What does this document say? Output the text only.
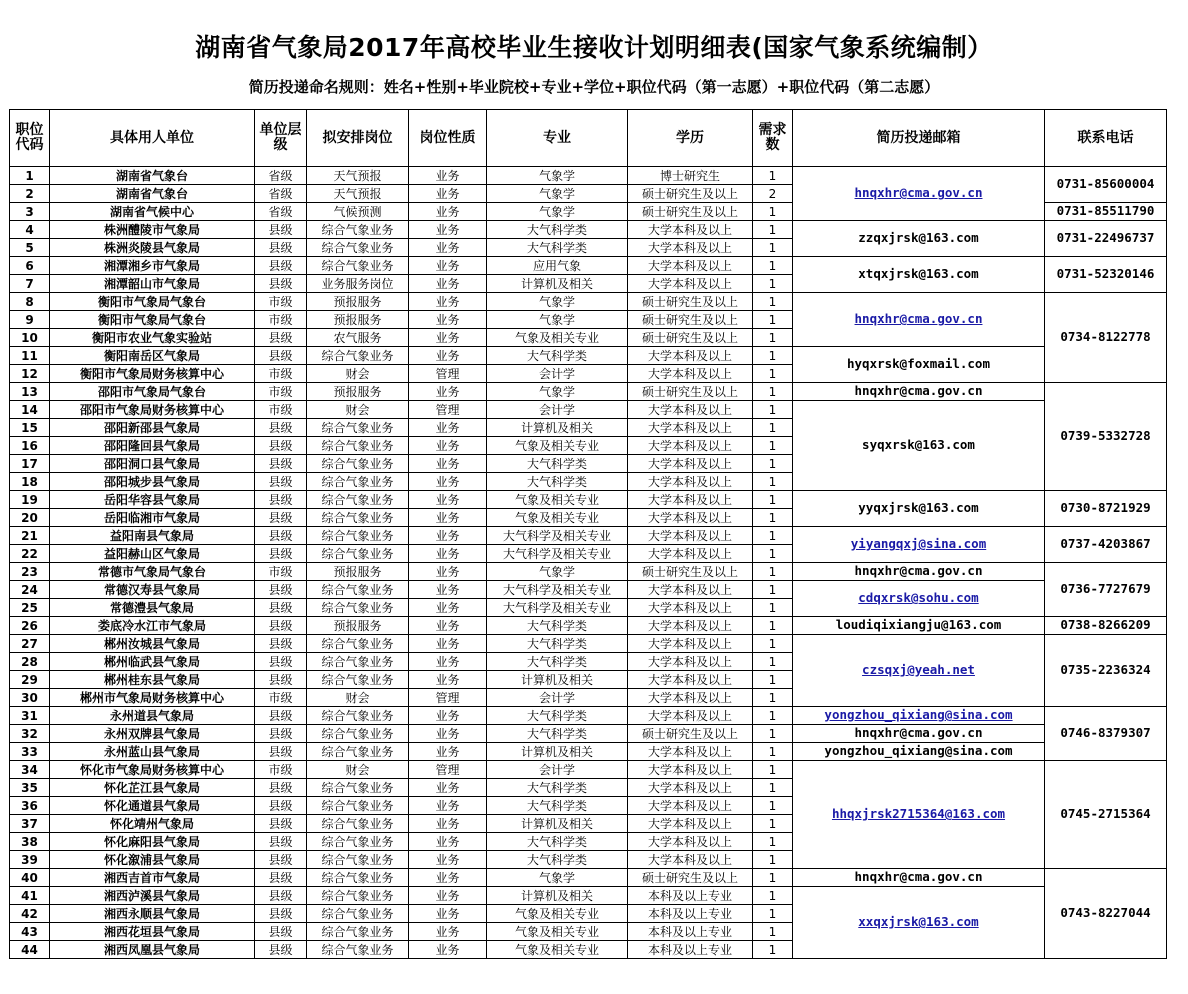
湖南省气象局2017年高校毕业生接收计划明细表(国家气象系统编制）
简历投递命名规则：姓名+性别+毕业院校+专业+学位+职位代码（第一志愿）+职位代码（第二志愿）
职位代码	具体用人单位	单位层级	拟安排岗位	岗位性质	专业	学历	需求数	简历投递邮箱	联系电话
1	湖南省气象台	省级	天气预报	业务	气象学	博士研究生	1	hnqxhr@cma.gov.cn	0731-85600004
2	湖南省气象台	省级	天气预报	业务	气象学	硕士研究生及以上	2		
3	湖南省气候中心	省级	气候预测	业务	气象学	硕士研究生及以上	1		0731-85511790
4	株洲醴陵市气象局	县级	综合气象业务	业务	大气科学类	大学本科及以上	1	zzqxjrsk@163.com	0731-22496737
5	株洲炎陵县气象局	县级	综合气象业务	业务	大气科学类	大学本科及以上	1		
6	湘潭湘乡市气象局	县级	综合气象业务	业务	应用气象	大学本科及以上	1	xtqxjrsk@163.com	0731-52320146
7	湘潭韶山市气象局	县级	业务服务岗位	业务	计算机及相关	大学本科及以上	1		
8	衡阳市气象局气象台	市级	预报服务	业务	气象学	硕士研究生及以上	1	hnqxhr@cma.gov.cn	0734-8122778
9	衡阳市气象局气象台	市级	预报服务	业务	气象学	硕士研究生及以上	1		
10	衡阳市农业气象实验站	县级	农气服务	业务	气象及相关专业	硕士研究生及以上	1		
11	衡阳南岳区气象局	县级	综合气象业务	业务	大气科学类	大学本科及以上	1	hyqxrsk@foxmail.com	
12	衡阳市气象局财务核算中心	市级	财会	管理	会计学	大学本科及以上	1		
13	邵阳市气象局气象台	市级	预报服务	业务	气象学	硕士研究生及以上	1	hnqxhr@cma.gov.cn	0739-5332728
14	邵阳市气象局财务核算中心	市级	财会	管理	会计学	大学本科及以上	1	syqxrsk@163.com	
15	邵阳新邵县气象局	县级	综合气象业务	业务	计算机及相关	大学本科及以上	1		
16	邵阳隆回县气象局	县级	综合气象业务	业务	气象及相关专业	大学本科及以上	1		
17	邵阳洞口县气象局	县级	综合气象业务	业务	大气科学类	大学本科及以上	1		
18	邵阳城步县气象局	县级	综合气象业务	业务	大气科学类	大学本科及以上	1		
19	岳阳华容县气象局	县级	综合气象业务	业务	气象及相关专业	大学本科及以上	1	yyqxjrsk@163.com	0730-8721929
20	岳阳临湘市气象局	县级	综合气象业务	业务	气象及相关专业	大学本科及以上	1		
21	益阳南县气象局	县级	综合气象业务	业务	大气科学及相关专业	大学本科及以上	1	yiyangqxj@sina.com	0737-4203867
22	益阳赫山区气象局	县级	综合气象业务	业务	大气科学及相关专业	大学本科及以上	1		
23	常德市气象局气象台	市级	预报服务	业务	气象学	硕士研究生及以上	1	hnqxhr@cma.gov.cn	0736-7727679
24	常德汉寿县气象局	县级	综合气象业务	业务	大气科学及相关专业	大学本科及以上	1	cdqxrsk@sohu.com	
25	常德澧县气象局	县级	综合气象业务	业务	大气科学及相关专业	大学本科及以上	1		
26	娄底冷水江市气象局	县级	预报服务	业务	大气科学类	大学本科及以上	1	loudiqixiangju@163.com	0738-8266209
27	郴州汝城县气象局	县级	综合气象业务	业务	大气科学类	大学本科及以上	1	czsqxj@yeah.net	0735-2236324
28	郴州临武县气象局	县级	综合气象业务	业务	大气科学类	大学本科及以上	1		
29	郴州桂东县气象局	县级	综合气象业务	业务	计算机及相关	大学本科及以上	1		
30	郴州市气象局财务核算中心	市级	财会	管理	会计学	大学本科及以上	1		
31	永州道县气象局	县级	综合气象业务	业务	大气科学类	大学本科及以上	1	yongzhou_qixiang@sina.com	0746-8379307
32	永州双牌县气象局	县级	综合气象业务	业务	大气科学类	硕士研究生及以上	1	hnqxhr@cma.gov.cn	
33	永州蓝山县气象局	县级	综合气象业务	业务	计算机及相关	大学本科及以上	1	yongzhou_qixiang@sina.com	
34	怀化市气象局财务核算中心	市级	财会	管理	会计学	大学本科及以上	1	hhqxjrsk2715364@163.com	0745-2715364
35	怀化芷江县气象局	县级	综合气象业务	业务	大气科学类	大学本科及以上	1		
36	怀化通道县气象局	县级	综合气象业务	业务	大气科学类	大学本科及以上	1		
37	怀化靖州气象局	县级	综合气象业务	业务	计算机及相关	大学本科及以上	1		
38	怀化麻阳县气象局	县级	综合气象业务	业务	大气科学类	大学本科及以上	1		
39	怀化溆浦县气象局	县级	综合气象业务	业务	大气科学类	大学本科及以上	1		
40	湘西吉首市气象局	县级	综合气象业务	业务	气象学	硕士研究生及以上	1	hnqxhr@cma.gov.cn	0743-8227044
41	湘西泸溪县气象局	县级	综合气象业务	业务	计算机及相关	本科及以上专业	1	xxqxjrsk@163.com	
42	湘西永顺县气象局	县级	综合气象业务	业务	气象及相关专业	本科及以上专业	1		
43	湘西花垣县气象局	县级	综合气象业务	业务	气象及相关专业	本科及以上专业	1		
44	湘西凤凰县气象局	县级	综合气象业务	业务	气象及相关专业	本科及以上专业	1		
